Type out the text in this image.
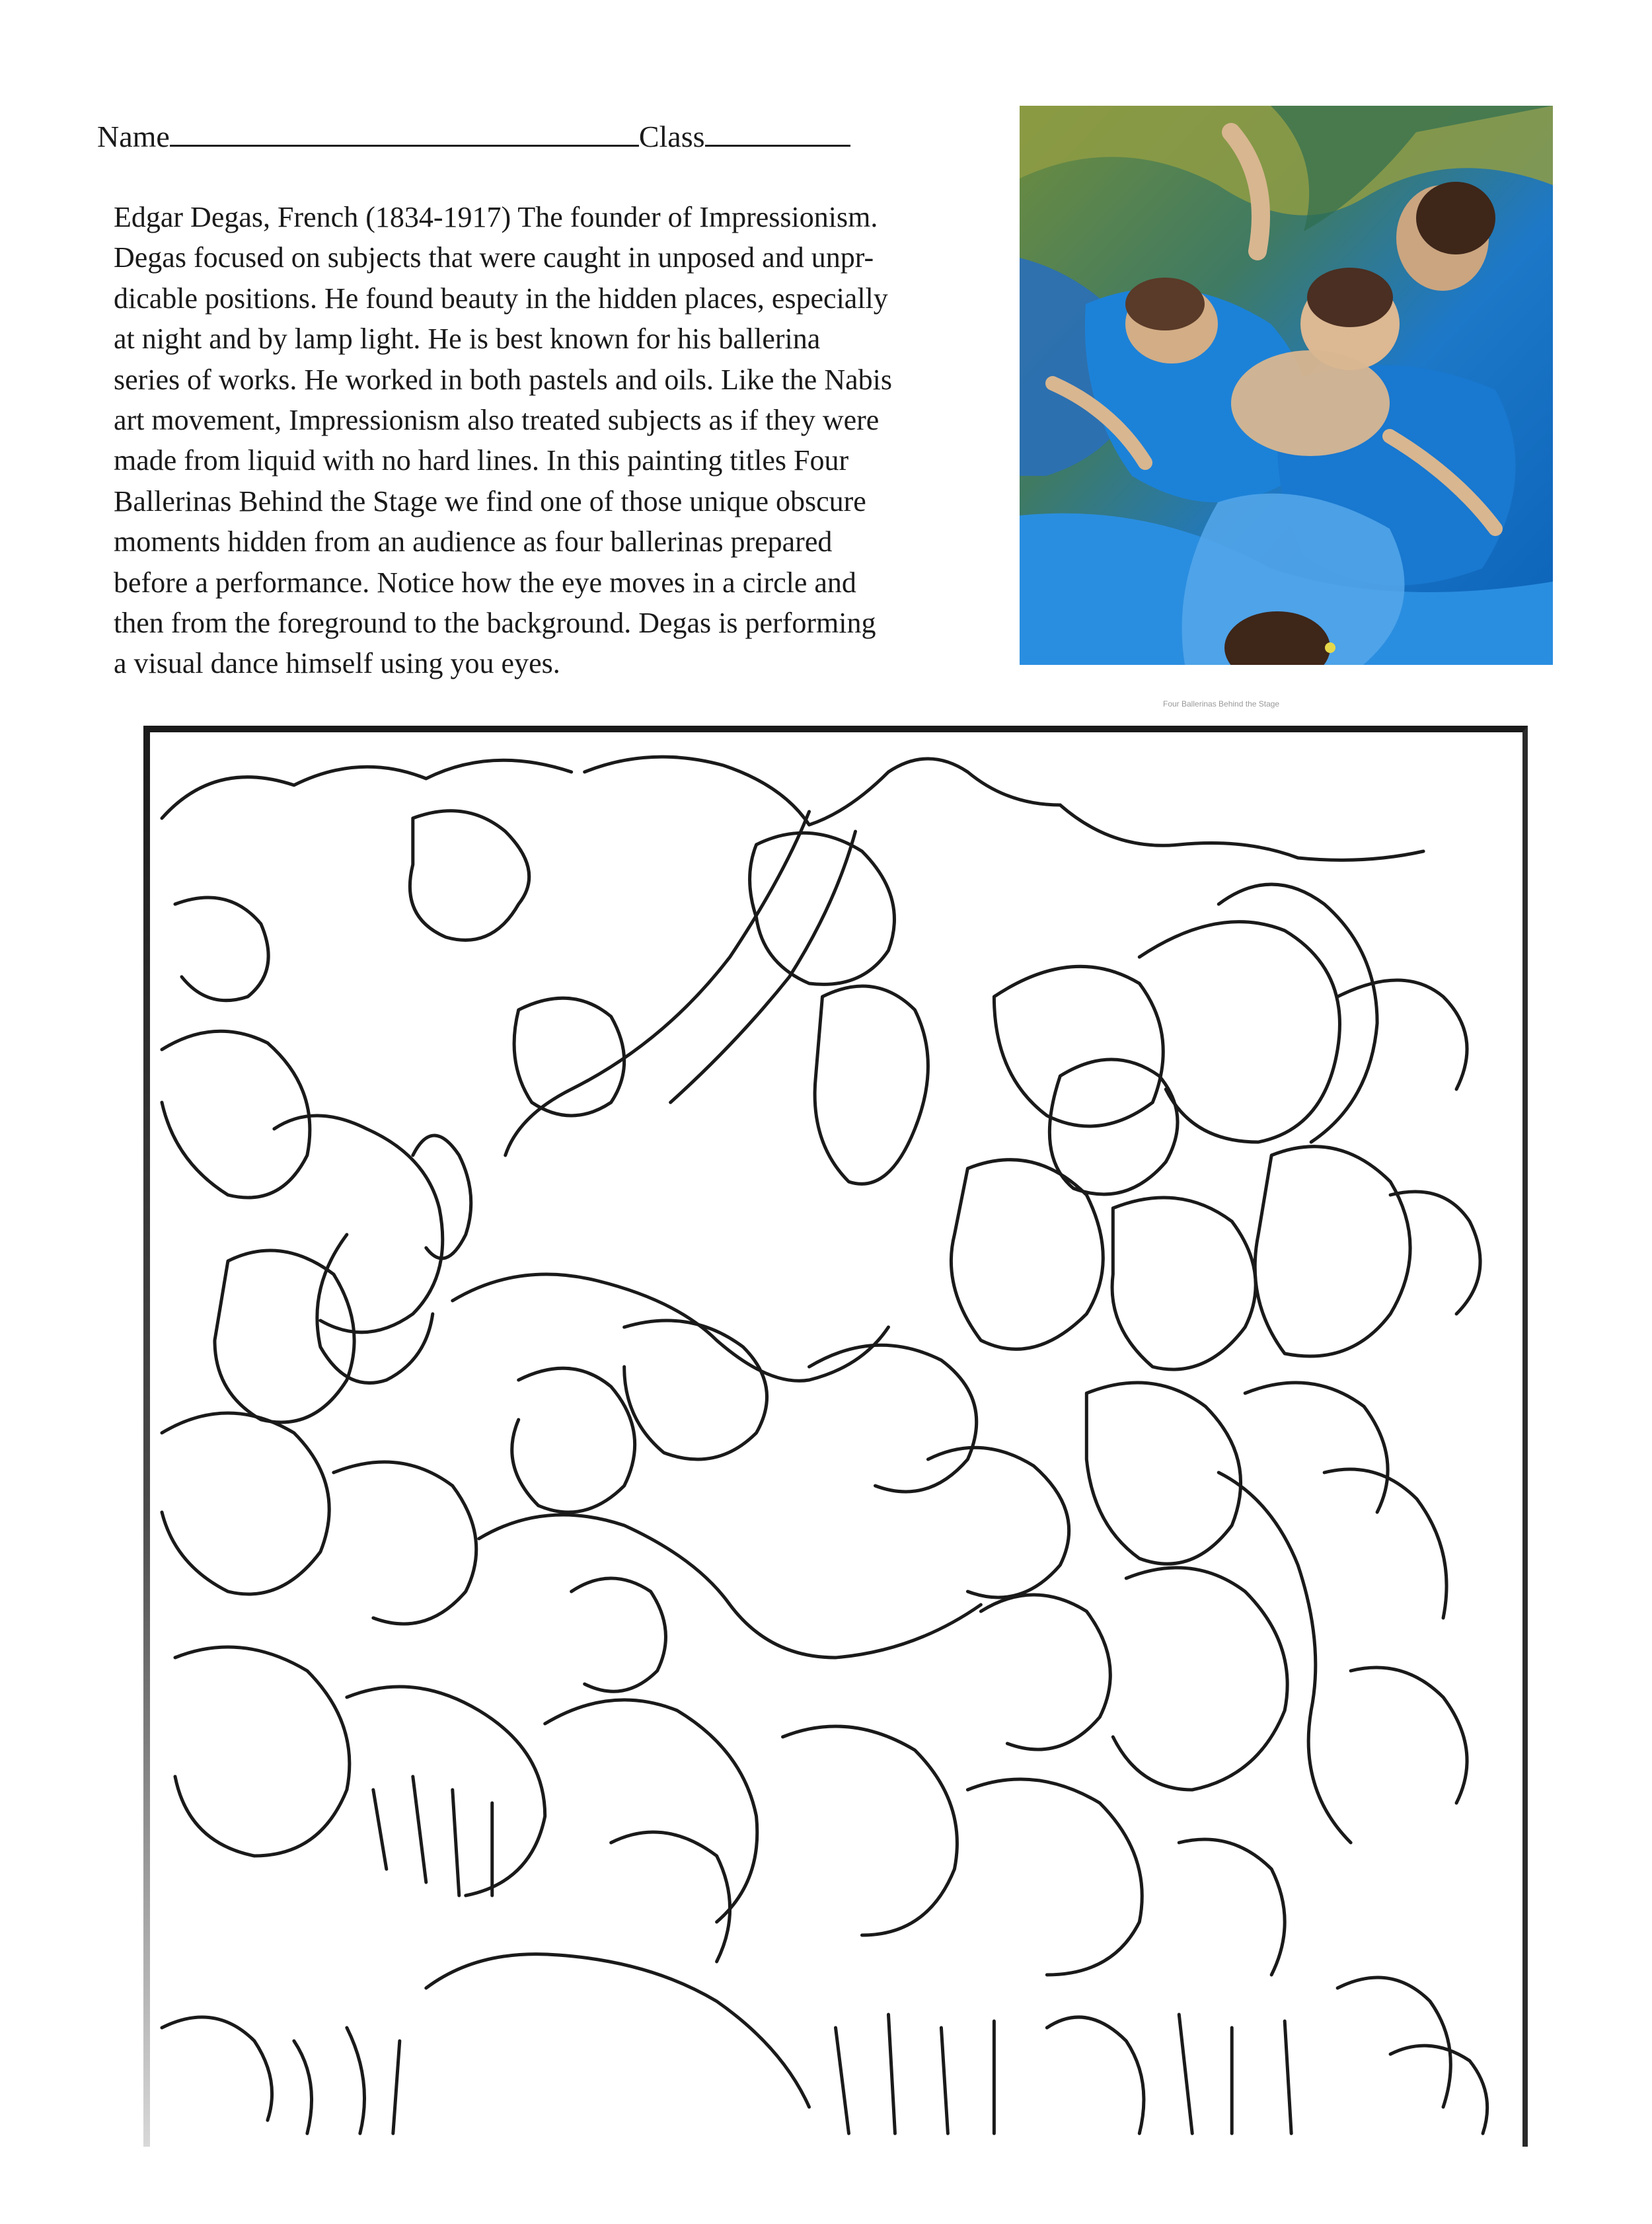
Name	Class
Edgar Degas, French (1834-1917) The founder of Impressionism.
Degas focused on subjects that were caught in unposed and unpr-
dicable positions. He found beauty in the hidden places, especially
at night and by lamp light. He is best known for his ballerina
series of works. He worked in both pastels and oils. Like the Nabis
art movement, Impressionism also treated subjects as if they were
made from liquid with no hard lines. In this painting titles Four
Ballerinas Behind the Stage we find one of those unique obscure
moments hidden from an audience as four ballerinas prepared
before a performance. Notice how the eye moves in a circle and
then from the foreground to the background. Degas is performing
a visual dance himself using you eyes.
Four Ballerinas Behind the Stage
